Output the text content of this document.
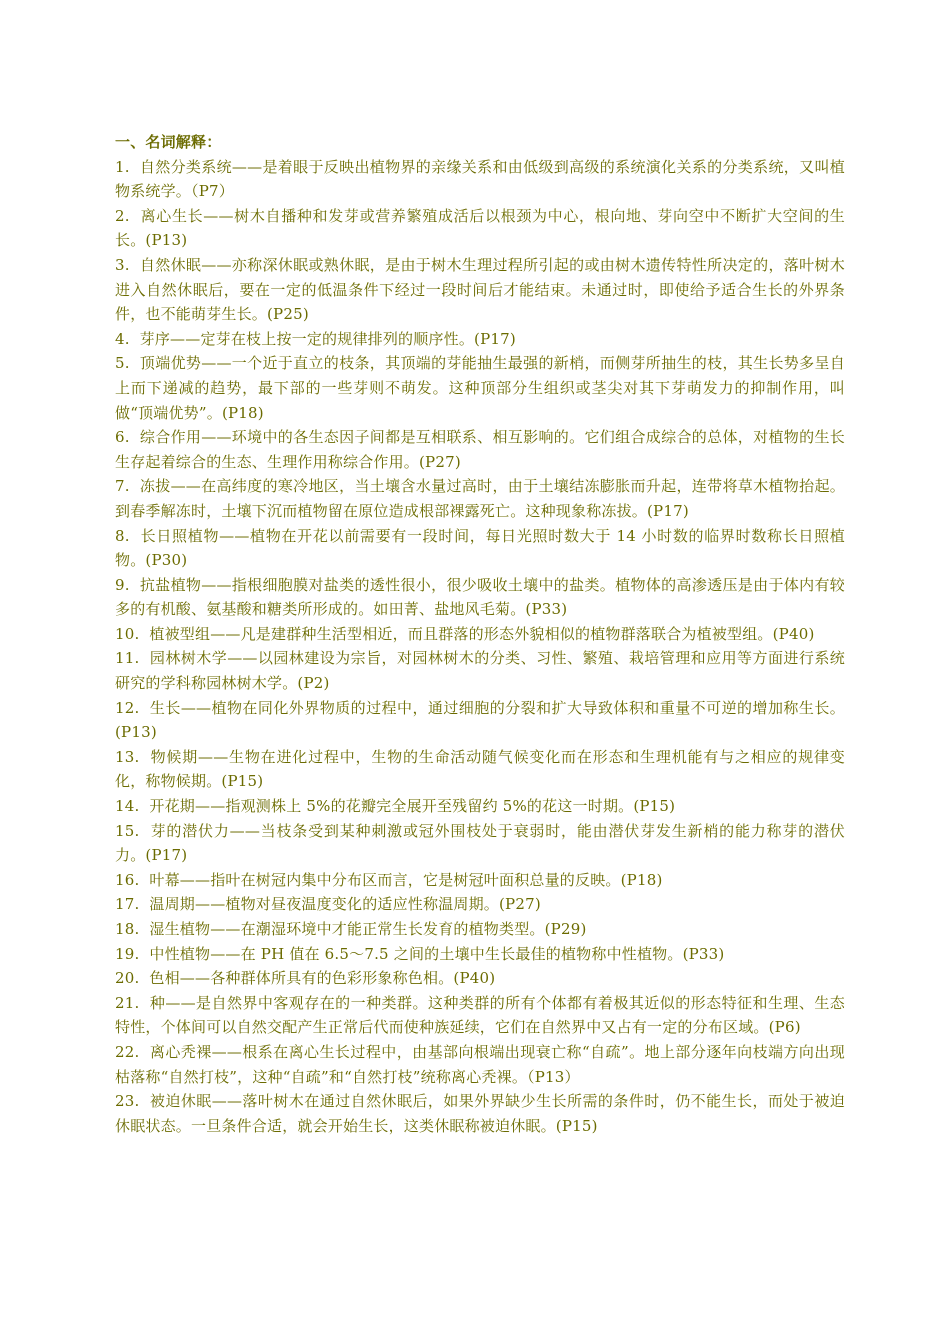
一、名词解释：

1. 自然分类系统——是着眼于反映出植物界的亲缘关系和由低级到高级的系统演化关系的分类系统，又叫植物系统学。（P7）

2. 离心生长——树木自播种和发芽或营养繁殖成活后以根颈为中心，根向地、芽向空中不断扩大空间的生长。(P13)

3. 自然休眠——亦称深休眠或熟休眠，是由于树木生理过程所引起的或由树木遗传特性所决定的，落叶树木进入自然休眠后，要在一定的低温条件下经过一段时间后才能结束。未通过时，即使给予适合生长的外界条件，也不能萌芽生长。(P25)

4. 芽序——定芽在枝上按一定的规律排列的顺序性。(P17)

5. 顶端优势——一个近于直立的枝条，其顶端的芽能抽生最强的新梢，而侧芽所抽生的枝，其生长势多呈自上而下递减的趋势，最下部的一些芽则不萌发。这种顶部分生组织或茎尖对其下芽萌发力的抑制作用，叫做“顶端优势”。(P18)

6. 综合作用——环境中的各生态因子间都是互相联系、相互影响的。它们组合成综合的总体，对植物的生长生存起着综合的生态、生理作用称综合作用。(P27)

7. 冻拔——在高纬度的寒冷地区，当土壤含水量过高时，由于土壤结冻膨胀而升起，连带将草木植物抬起。到春季解冻时，土壤下沉而植物留在原位造成根部裸露死亡。这种现象称冻拔。(P17)

8. 长日照植物——植物在开花以前需要有一段时间，每日光照时数大于 14 小时数的临界时数称长日照植物。(P30)

9. 抗盐植物——指根细胞膜对盐类的透性很小，很少吸收土壤中的盐类。植物体的高渗透压是由于体内有较多的有机酸、氨基酸和糖类所形成的。如田菁、盐地风毛菊。(P33)

10. 植被型组——凡是建群种生活型相近，而且群落的形态外貌相似的植物群落联合为植被型组。(P40)

11. 园林树木学——以园林建设为宗旨，对园林树木的分类、习性、繁殖、栽培管理和应用等方面进行系统研究的学科称园林树木学。(P2)

12. 生长——植物在同化外界物质的过程中，通过细胞的分裂和扩大导致体积和重量不可逆的增加称生长。(P13)

13. 物候期——生物在进化过程中，生物的生命活动随气候变化而在形态和生理机能有与之相应的规律变化，称物候期。(P15)

14. 开花期——指观测株上 5%的花瓣完全展开至残留约 5%的花这一时期。(P15)

15. 芽的潜伏力——当枝条受到某种刺激或冠外围枝处于衰弱时，能由潜伏芽发生新梢的能力称芽的潜伏力。(P17)

16. 叶幕——指叶在树冠内集中分布区而言，它是树冠叶面积总量的反映。(P18)

17. 温周期——植物对昼夜温度变化的适应性称温周期。(P27)

18. 湿生植物——在潮湿环境中才能正常生长发育的植物类型。(P29)

19. 中性植物——在 PH 值在 6.5～7.5 之间的土壤中生长最佳的植物称中性植物。(P33)

20. 色相——各种群体所具有的色彩形象称色相。(P40)

21. 种——是自然界中客观存在的一种类群。这种类群的所有个体都有着极其近似的形态特征和生理、生态特性，个体间可以自然交配产生正常后代而使种族延续，它们在自然界中又占有一定的分布区域。(P6)

22. 离心秃裸——根系在离心生长过程中，由基部向根端出现衰亡称“自疏”。地上部分逐年向枝端方向出现枯落称“自然打枝”，这种“自疏”和“自然打枝”统称离心秃裸。（P13）

23. 被迫休眠——落叶树木在通过自然休眠后，如果外界缺少生长所需的条件时，仍不能生长，而处于被迫休眠状态。一旦条件合适，就会开始生长，这类休眠称被迫休眠。(P15)
